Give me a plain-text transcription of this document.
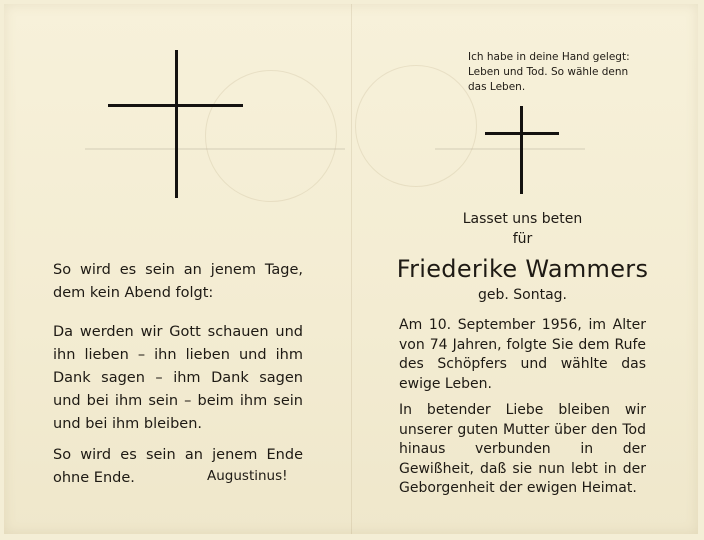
So wird es sein an jenem Tage, dem kein Abend folgt:

Da werden wir Gott schauen und ihn lieben – ihn lieben und ihm Dank sagen – ihm Dank sagen und bei ihm sein – beim ihm sein und bei ihm bleiben.

So wird es sein an jenem Ende ohne Ende.	Augustinus!
Ich habe in deine Hand gelegt: Leben und Tod. So wähle denn das Leben.
Lasset uns beten
für
Friederike Wammers
geb. Sontag.

Am 10. September 1956, im Alter von 74 Jahren, folgte Sie dem Rufe des Schöpfers und wählte das ewige Leben.

In betender Liebe bleiben wir unserer guten Mutter über den Tod hinaus verbunden in der Gewißheit, daß sie nun lebt in der Geborgenheit der ewigen Heimat.
